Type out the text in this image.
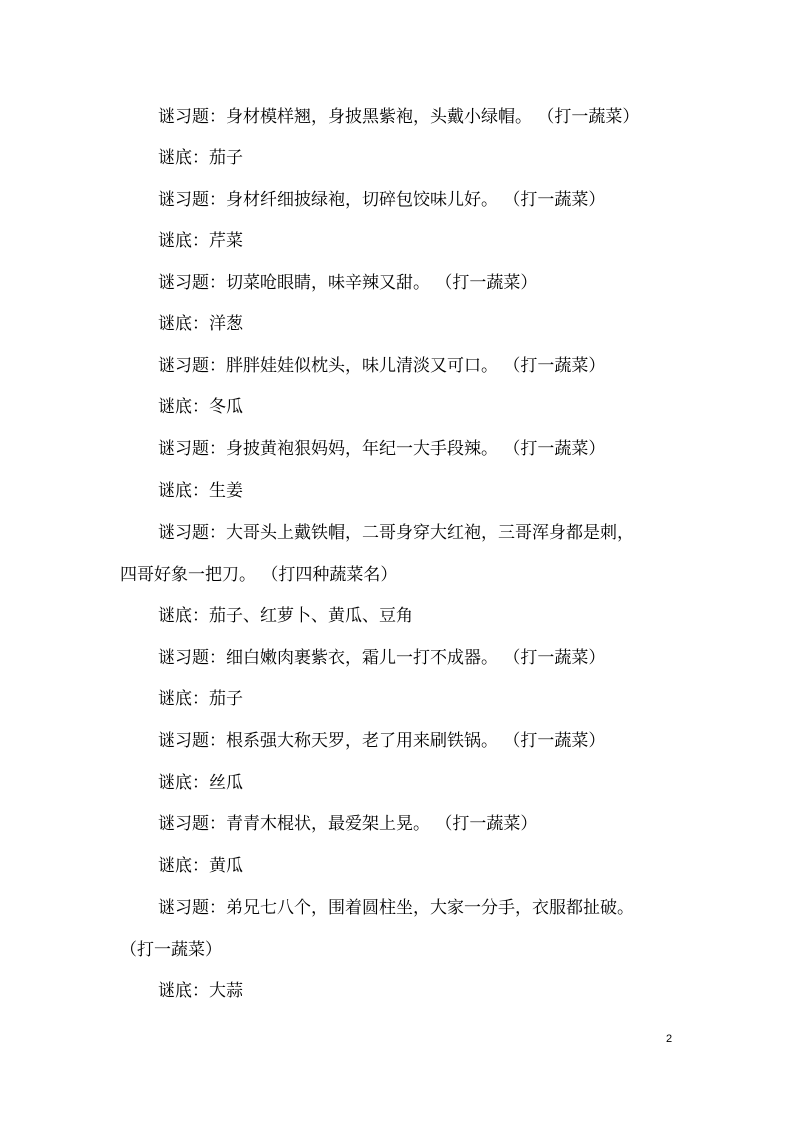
谜习题：身材模样翘，身披黑紫袍，头戴小绿帽。 （打一蔬菜）
谜底：茄子
谜习题：身材纤细披绿袍，切碎包饺味儿好。 （打一蔬菜）
谜底：芹菜
谜习题：切菜呛眼睛，味辛辣又甜。 （打一蔬菜）
谜底：洋葱
谜习题：胖胖娃娃似枕头，味儿清淡又可口。 （打一蔬菜）
谜底：冬瓜
谜习题：身披黄袍狠妈妈，年纪一大手段辣。 （打一蔬菜）
谜底：生姜
谜习题：大哥头上戴铁帽，二哥身穿大红袍，三哥浑身都是刺，
四哥好象一把刀。 （打四种蔬菜名）
谜底：茄子、红萝卜、黄瓜、豆角
谜习题：细白嫩肉裹紫衣，霜儿一打不成器。 （打一蔬菜）
谜底：茄子
谜习题：根系强大称天罗，老了用来刷铁锅。 （打一蔬菜）
谜底：丝瓜
谜习题：青青木棍状，最爱架上晃。 （打一蔬菜）
谜底：黄瓜
谜习题：弟兄七八个，围着圆柱坐，大家一分手，衣服都扯破。
（打一蔬菜）
谜底：大蒜
2
